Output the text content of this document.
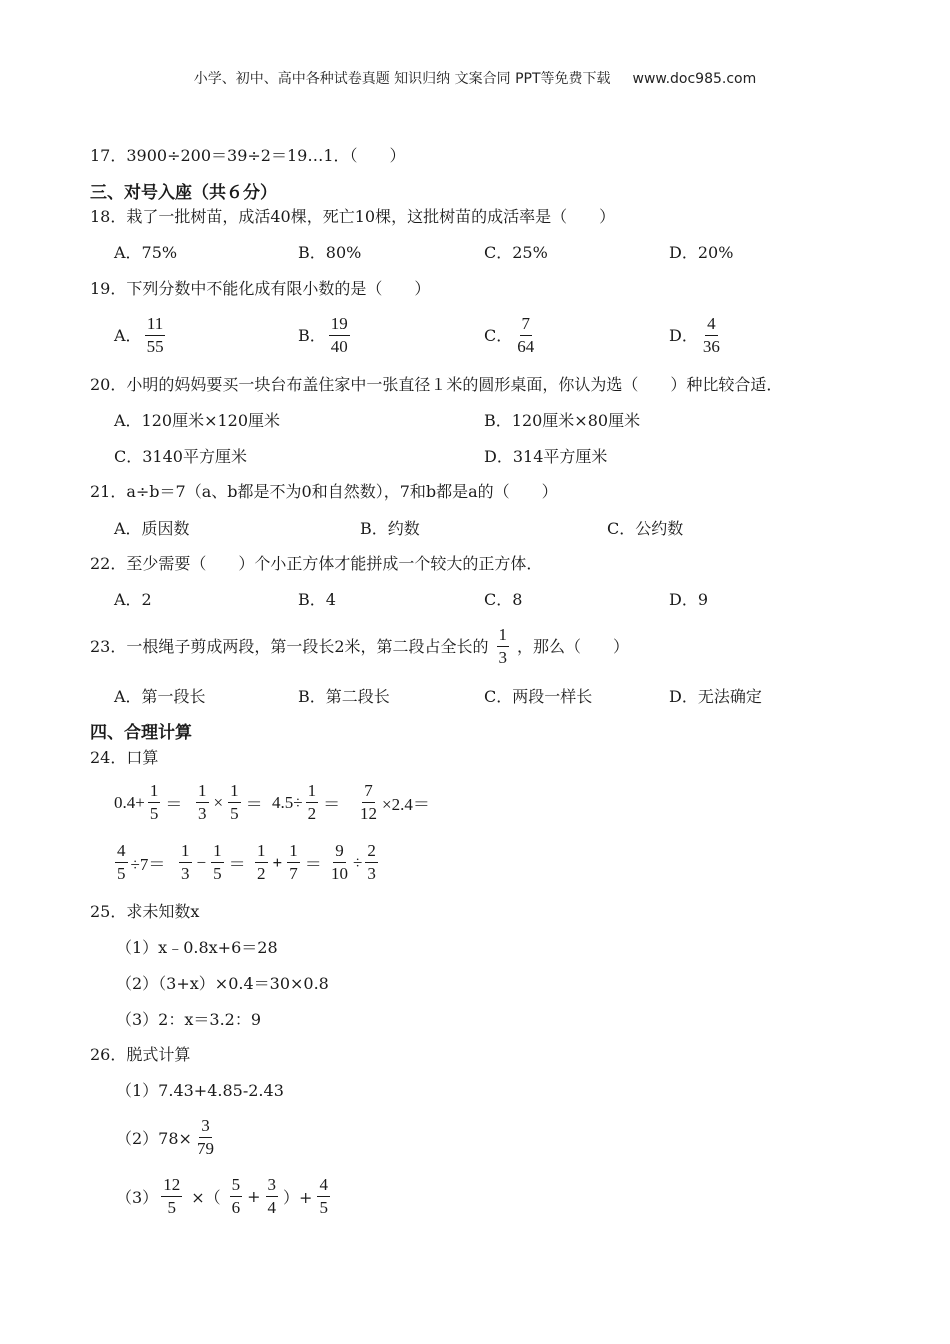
小学、初中、高中各种试卷真题 知识归纳 文案合同 PPT等免费下载 www.doc985.com
17．3900÷200＝39÷2＝19…1．（　　）
三、对号入座（共６分）
18．栽了一批树苗，成活40棵，死亡10棵，这批树苗的成活率是（　　）
A．75%	B．80%	C．25%	D．20%
19．下列分数中不能化成有限小数的是（　　）
A． $\frac{11}{55}$	B． $\frac{19}{40}$	C． $\frac{7}{64}$	D． $\frac{4}{36}$
20．小明的妈妈要买一块台布盖住家中一张直径１米的圆形桌面，你认为选（　　）种比较合适．
A．120厘米×120厘米	B．120厘米×80厘米
C．3140平方厘米	D．314平方厘米
21．a÷b＝7（a、b都是不为0和自然数），7和b都是a的（　　）
A．质因数	B．约数	C．公约数
22．至少需要（　　）个小正方体才能拼成一个较大的正方体．
A．2	B．4	C．8	D．9
23．一根绳子剪成两段，第一段长2米，第二段占全长的 $\frac{1}{3}$ ，那么（　　）
A．第一段长	B．第二段长	C．两段一样长	D．无法确定
四、合理计算
24．口算
$0.4+ \frac{1}{5} = \frac{1}{3} \times \frac{1}{5} = 4.5\div \frac{1}{2} = \frac{7}{12} \times 2.4=$
$\frac{4}{5} \div 7= \frac{1}{3} - \frac{1}{5} = \frac{1}{2} + \frac{1}{7} = \frac{9}{10} \div \frac{2}{3}$
25．求未知数x
（1）x﹣0.8x+6＝28
（2）（3+x）×0.4＝30×0.8
（3）2：x＝3.2：9
26．脱式计算
（1）7.43+4.85-2.43
$(2)78\times \frac{3}{79}$
$(3) \frac{12}{5}$ ×（ $\frac{5}{6} + \frac{3}{4}$ ）+ $\frac{4}{5}$
